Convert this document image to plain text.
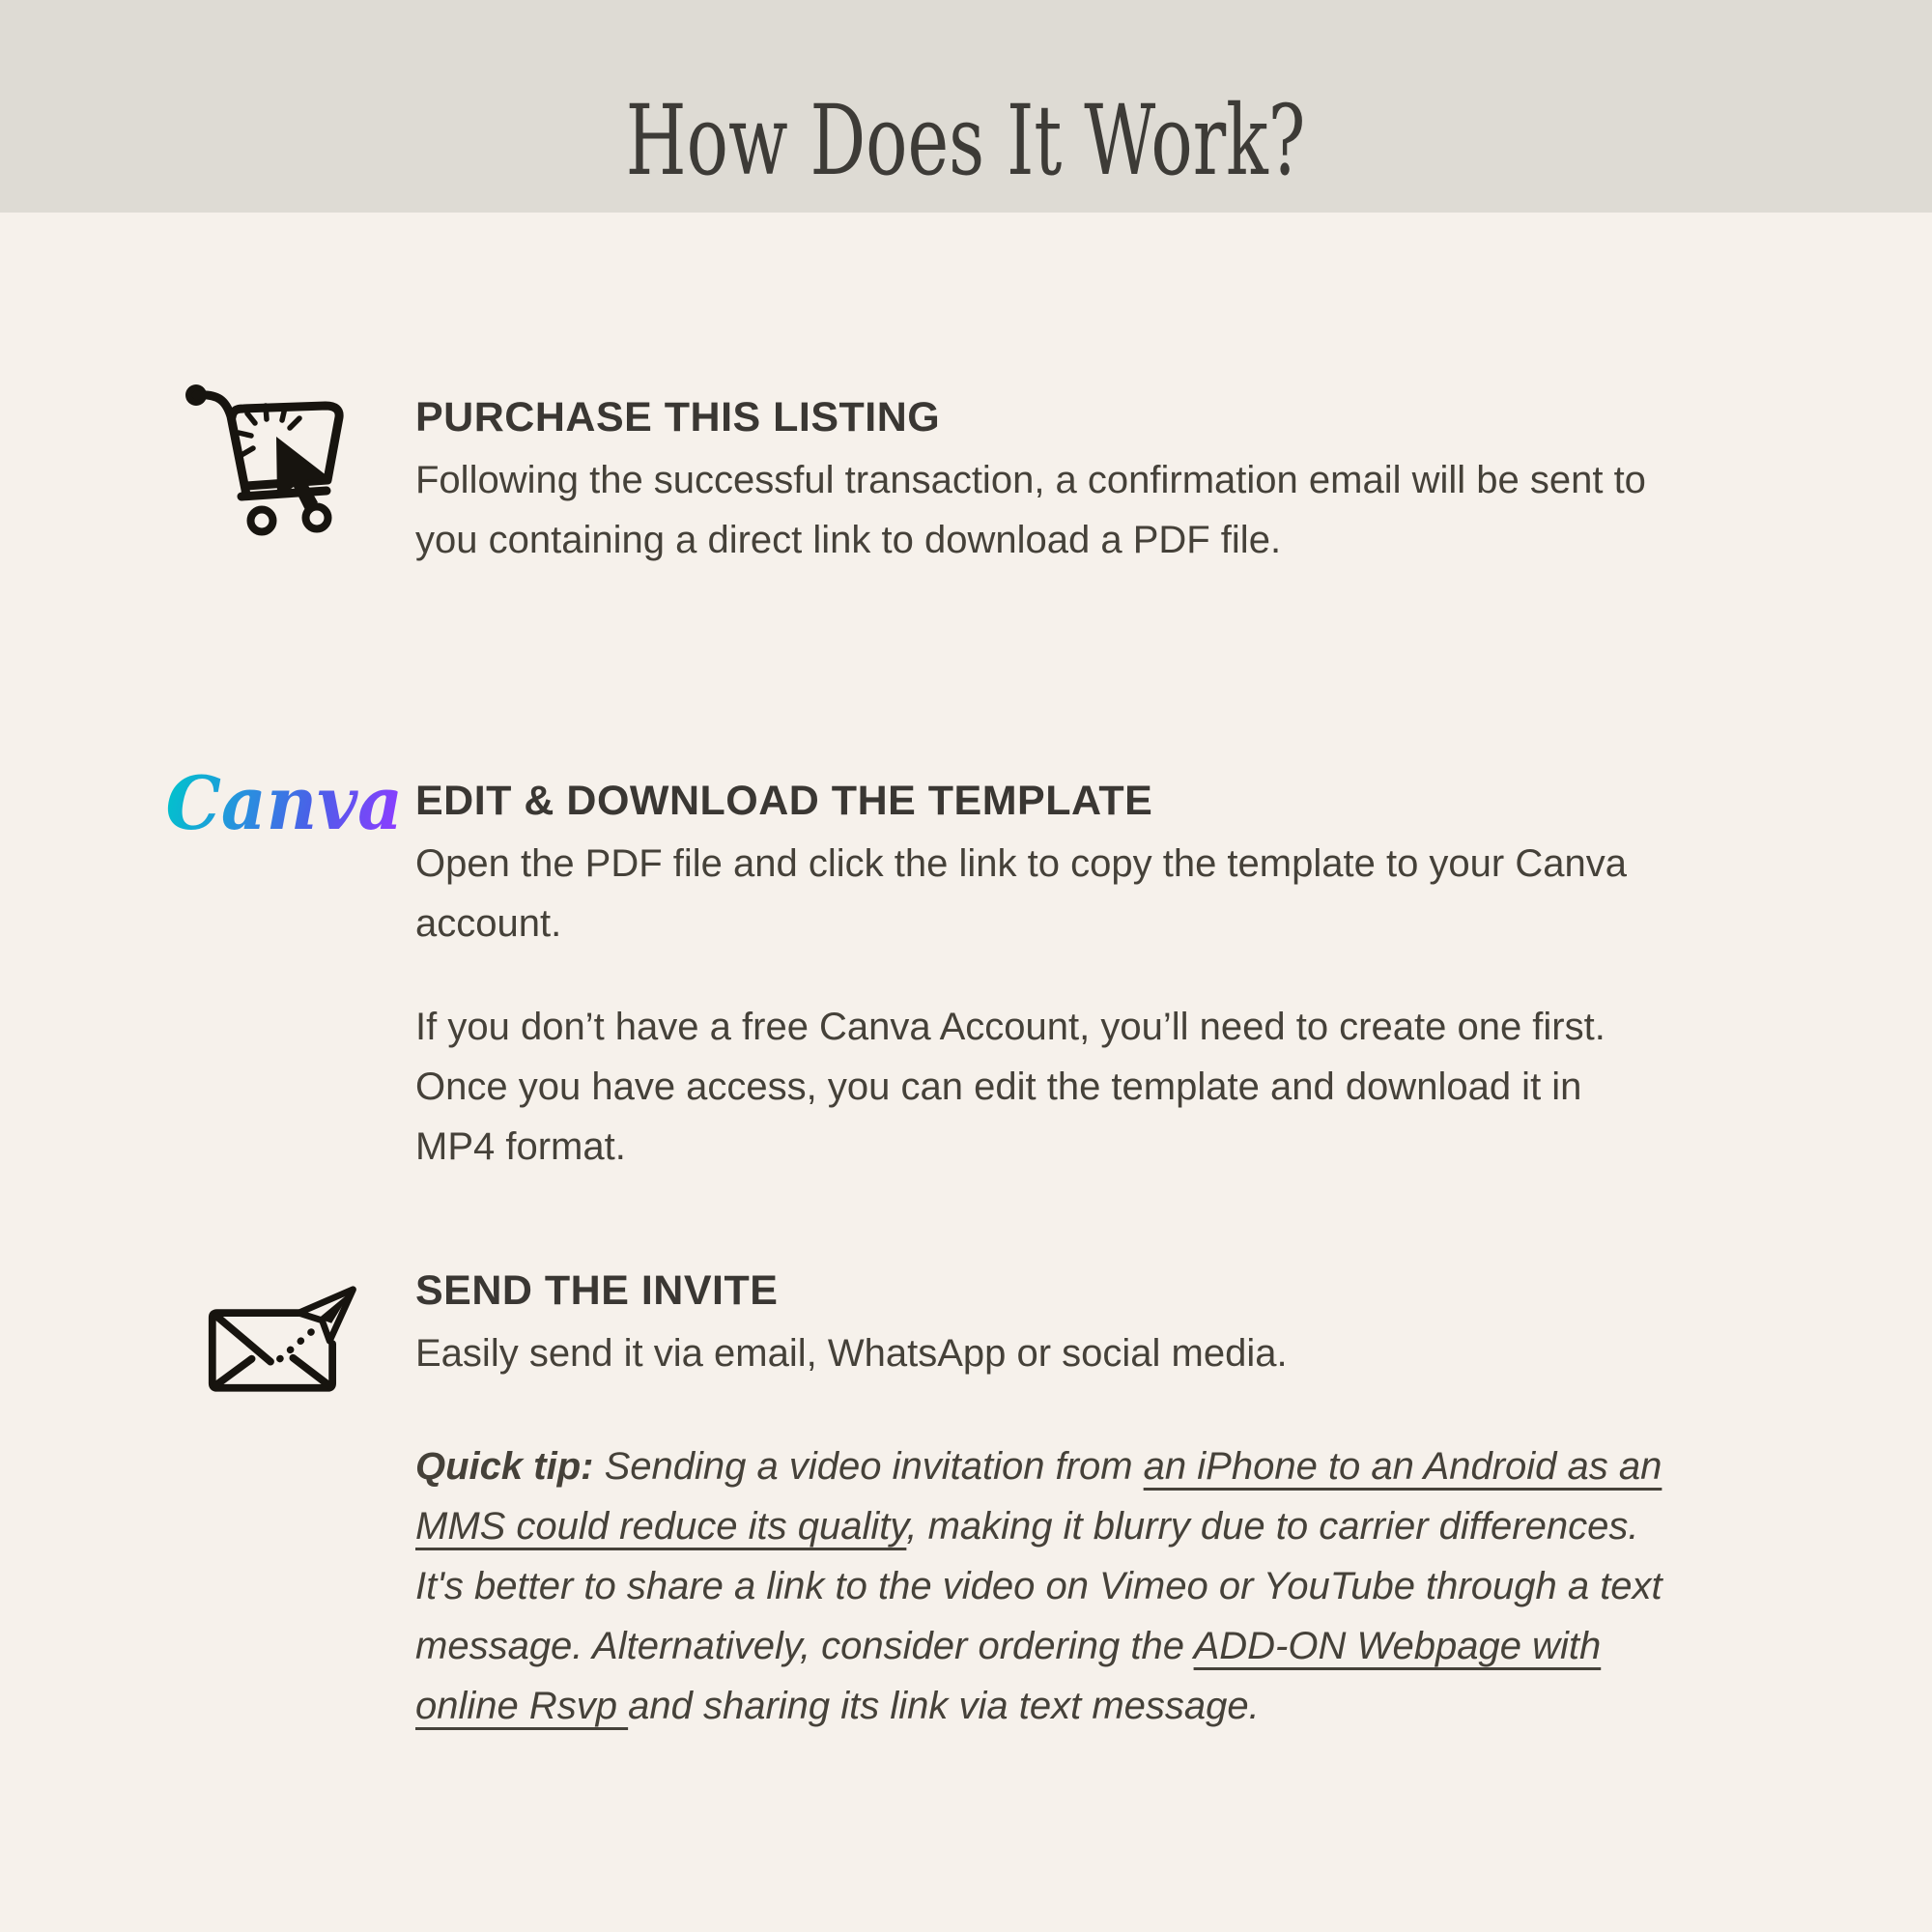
How Does It Work?
PURCHASE THIS LISTING

Following the successful transaction, a confirmation email will be sent to you containing a direct link to download a PDF file.

Canva EDIT & DOWNLOAD THE TEMPLATE

Open the PDF file and click the link to copy the template to your Canva account.

If you don’t have a free Canva Account, you’ll need to create one first. Once you have access, you can edit the template and download it in MP4 format.

SEND THE INVITE

Easily send it via email, WhatsApp or social media.

Quick tip: Sending a video invitation from an iPhone to an Android as an MMS could reduce its quality, making it blurry due to carrier differences.
It's better to share a link to the video on Vimeo or YouTube through a text message. Alternatively, consider ordering the ADD-ON Webpage with online Rsvp and sharing its link via text message.
